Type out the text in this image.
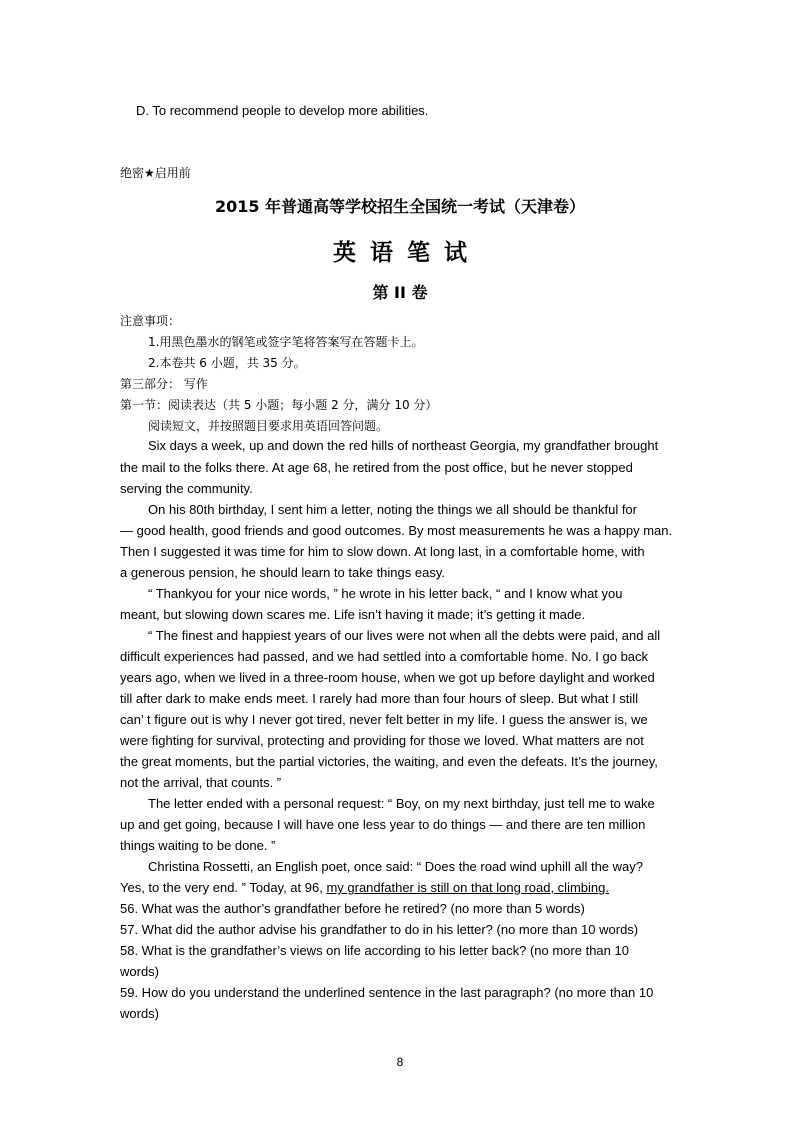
D. To recommend people to develop more abilities.
绝密★启用前
2015 年普通高等学校招生全国统一考试（天津卷）
英语笔试
第 II 卷
注意事项：
1.用黑色墨水的钢笔或签字笔将答案写在答题卡上。
2.本卷共 6 小题，共 35 分。
第三部分： 写作
第一节：阅读表达（共 5 小题；每小题 2 分，满分 10 分）
阅读短文，并按照题目要求用英语回答问题。
Six days a week, up and down the red hills of northeast Georgia, my grandfather brought
the mail to the folks there. At age 68, he retired from the post office, but he never stopped
serving the community.
On his 80th birthday, I sent him a letter, noting the things we all should be thankful for
— good health, good friends and good outcomes. By most measurements he was a happy man.
Then I suggested it was time for him to slow down. At long last, in a comfortable home, with
a generous pension, he should learn to take things easy.
“ Thankyou for your nice words, ” he wrote in his letter back, “ and I know what you
meant, but slowing down scares me. Life isn’t having it made; it’s getting it made.
“ The finest and happiest years of our lives were not when all the debts were paid, and all
difficult experiences had passed, and we had settled into a comfortable home. No. I go back
years ago, when we lived in a three-room house, when we got up before daylight and worked
till after dark to make ends meet. I rarely had more than four hours of sleep. But what I still
can’ t figure out is why I never got tired, never felt better in my life. I guess the answer is, we
were fighting for survival, protecting and providing for those we loved. What matters are not
the great moments, but the partial victories, the waiting, and even the defeats. It’s the journey,
not the arrival, that counts. ”
The letter ended with a personal request: “ Boy, on my next birthday, just tell me to wake
up and get going, because I will have one less year to do things — and there are ten million
things waiting to be done. ”
Christina Rossetti, an English poet, once said: “ Does the road wind uphill all the way?
Yes, to the very end. ” Today, at 96, my grandfather is still on that long road, climbing.
56. What was the author’s grandfather before he retired? (no more than 5 words)
57. What did the author advise his grandfather to do in his letter? (no more than 10 words)
58. What is the grandfather’s views on life according to his letter back? (no more than 10
words)
59. How do you understand the underlined sentence in the last paragraph? (no more than 10
words)
8
